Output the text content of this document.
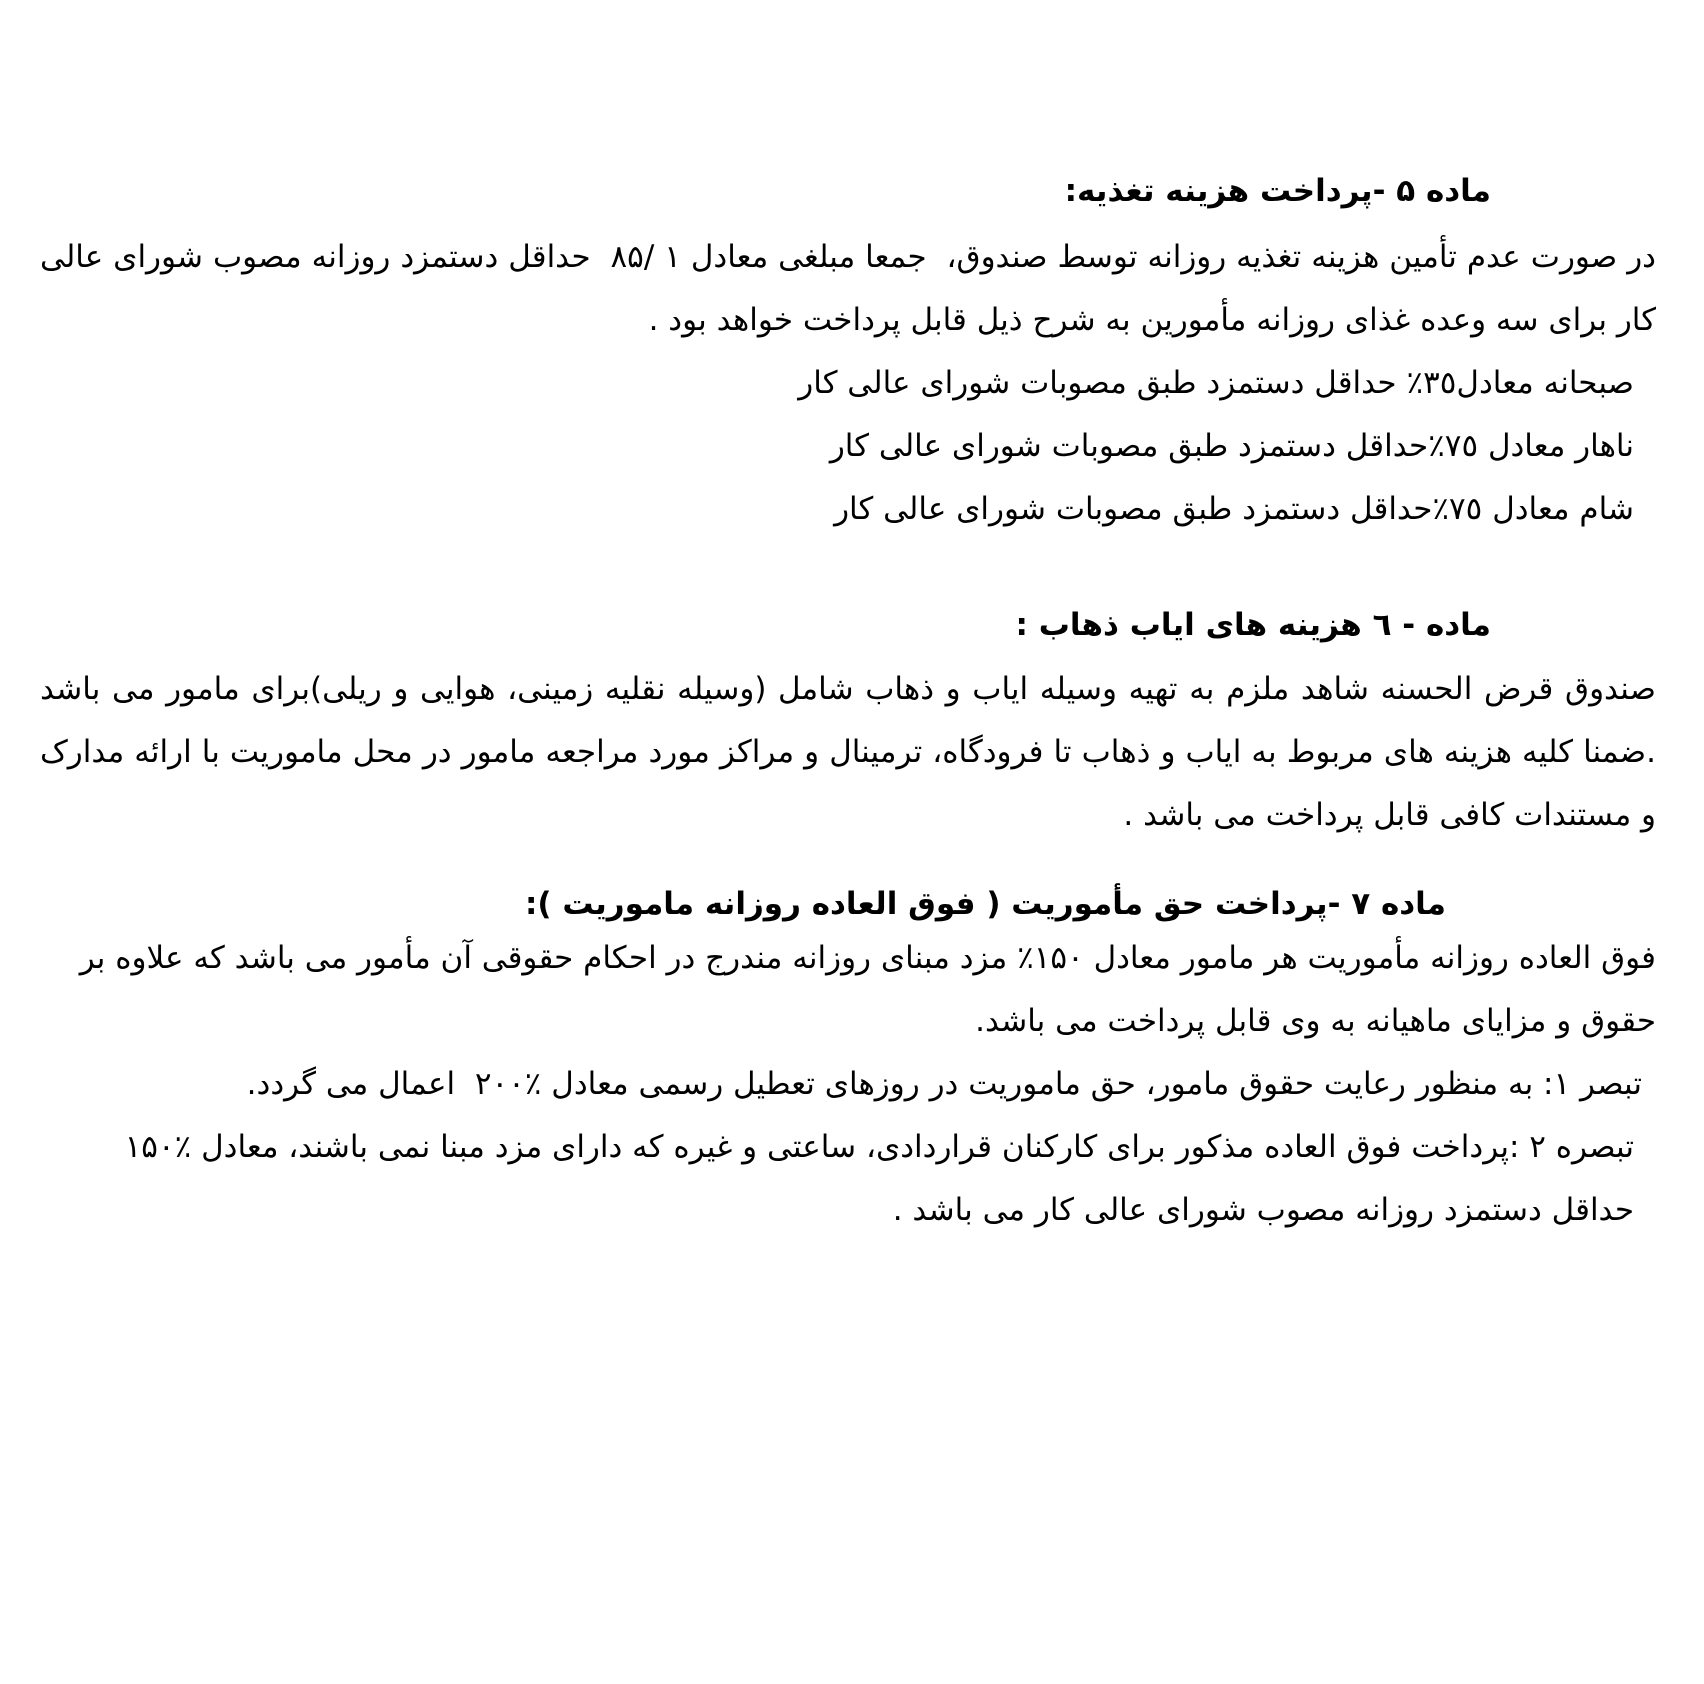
ماده ۵ -پرداخت هزینه تغذیه:
در صورت عدم تأمین هزینه تغذیه روزانه توسط صندوق،  جمعا مبلغی معادل ۱ /۸۵  حداقل دستمزد روزانه مصوب شورای عالی کار برای سه وعده غذای روزانه مأمورین به شرح ذیل قابل پرداخت خواهد بود .
صبحانه معادل٣٥٪ حداقل دستمزد طبق مصوبات شورای عالی کار
ناهار معادل ٧٥٪حداقل دستمزد طبق مصوبات شورای عالی کار
شام معادل ٧٥٪حداقل دستمزد طبق مصوبات شورای عالی کار
ماده - ٦ هزینه های ایاب ذهاب :
صندوق قرض الحسنه شاهد ملزم به تهیه وسیله ایاب و ذهاب شامل (وسیله نقلیه زمینی، هوایی و ریلی)برای مامور می باشد .ضمنا کلیه هزینه های مربوط به ایاب و ذهاب تا فرودگاه، ترمینال و مراکز مورد مراجعه مامور در محل ماموریت با ارائه مدارک و مستندات کافی قابل پرداخت می باشد .
ماده ۷ -پرداخت حق مأموریت ( فوق العاده روزانه ماموریت ):
فوق العاده روزانه مأموریت هر مامور معادل ۱۵۰٪ مزد مبنای روزانه مندرج در احکام حقوقی آن مأمور می باشد که علاوه بر حقوق و مزایای ماهیانه به وی قابل پرداخت می باشد.
تبصر ۱: به منظور رعایت حقوق مامور، حق ماموریت در روزهای تعطیل رسمی معادل ٪۲۰۰  اعمال می گردد.
تبصره ۲ :پرداخت فوق العاده مذکور برای کارکنان قراردادی، ساعتی و غیره که دارای مزد مبنا نمی باشند، معادل ٪۱۵۰  حداقل دستمزد روزانه مصوب شورای عالی کار می باشد .
